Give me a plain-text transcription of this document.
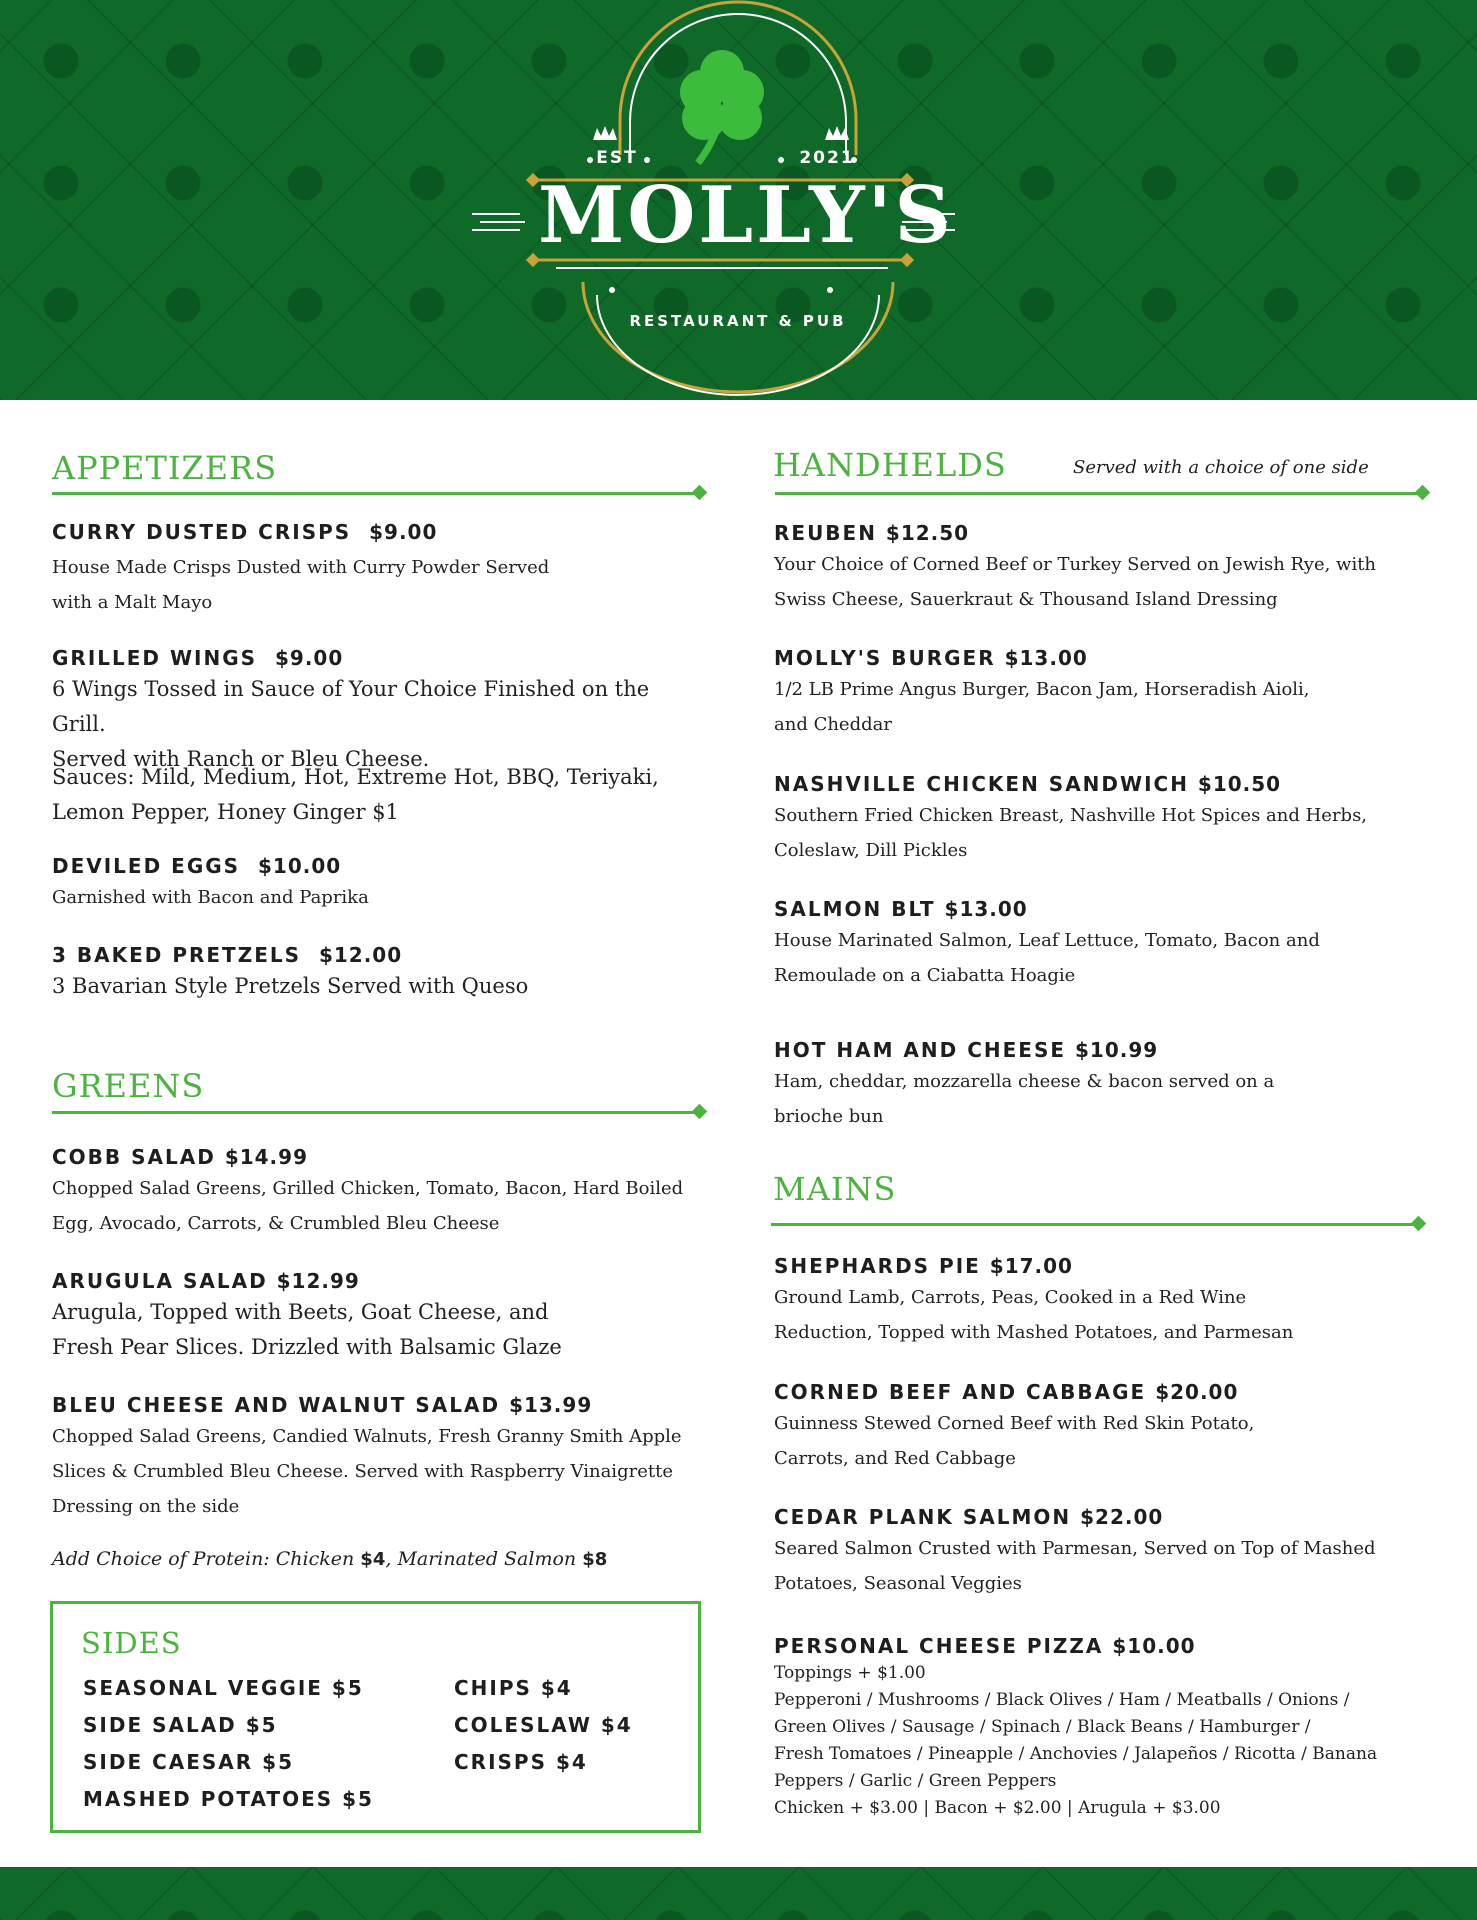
EST	2021
MOLLY'S
RESTAURANT & PUB
appetizers
CURRY DUSTED CRISPS $9.00
House Made Crisps Dusted with Curry Powder Served
with a Malt Mayo
GRILLED WINGS $9.00
6 Wings Tossed in Sauce of Your Choice Finished on the Grill.
Served with Ranch or Bleu Cheese.
Sauces: Mild, Medium, Hot, Extreme Hot, BBQ, Teriyaki,
Lemon Pepper, Honey Ginger $1
DEVILED EGGS $10.00
Garnished with Bacon and Paprika
3 BAKED PRETZELS $12.00
3 Bavarian Style Pretzels Served with Queso
greens
COBB SALAD $14.99
Chopped Salad Greens, Grilled Chicken, Tomato, Bacon, Hard Boiled
Egg, Avocado, Carrots, & Crumbled Bleu Cheese
ARUGULA SALAD $12.99
Arugula, Topped with Beets, Goat Cheese, and
Fresh Pear Slices. Drizzled with Balsamic Glaze
BLEU CHEESE AND WALNUT SALAD $13.99
Chopped Salad Greens, Candied Walnuts, Fresh Granny Smith Apple
Slices & Crumbled Bleu Cheese. Served with Raspberry Vinaigrette
Dressing on the side
Add Choice of Protein: Chicken $4, Marinated Salmon $8
sides
SEASONAL VEGGIE $5
SIDE SALAD $5
SIDE CAESAR $5
MASHED POTATOES $5
CHIPS $4
COLESLAW $4
CRISPS $4
handhelds	Served with a choice of one side
REUBEN $12.50
Your Choice of Corned Beef or Turkey Served on Jewish Rye, with
Swiss Cheese, Sauerkraut & Thousand Island Dressing
MOLLY'S BURGER $13.00
1/2 LB Prime Angus Burger, Bacon Jam, Horseradish Aioli,
and Cheddar
NASHVILLE CHICKEN SANDWICH $10.50
Southern Fried Chicken Breast, Nashville Hot Spices and Herbs,
Coleslaw, Dill Pickles
SALMON BLT $13.00
House Marinated Salmon, Leaf Lettuce, Tomato, Bacon and
Remoulade on a Ciabatta Hoagie
HOT HAM AND CHEESE $10.99
Ham, cheddar, mozzarella cheese & bacon served on a
brioche bun
mains
SHEPHARDS PIE $17.00
Ground Lamb, Carrots, Peas, Cooked in a Red Wine
Reduction, Topped with Mashed Potatoes, and Parmesan
CORNED BEEF AND CABBAGE $20.00
Guinness Stewed Corned Beef with Red Skin Potato,
Carrots, and Red Cabbage
CEDAR PLANK SALMON $22.00
Seared Salmon Crusted with Parmesan, Served on Top of Mashed
Potatoes, Seasonal Veggies
PERSONAL CHEESE PIZZA $10.00
Toppings + $1.00
Pepperoni / Mushrooms / Black Olives / Ham / Meatballs / Onions /
Green Olives / Sausage / Spinach / Black Beans / Hamburger /
Fresh Tomatoes / Pineapple / Anchovies / Jalapeños / Ricotta / Banana
Peppers / Garlic / Green Peppers
Chicken + $3.00 | Bacon + $2.00 | Arugula + $3.00
